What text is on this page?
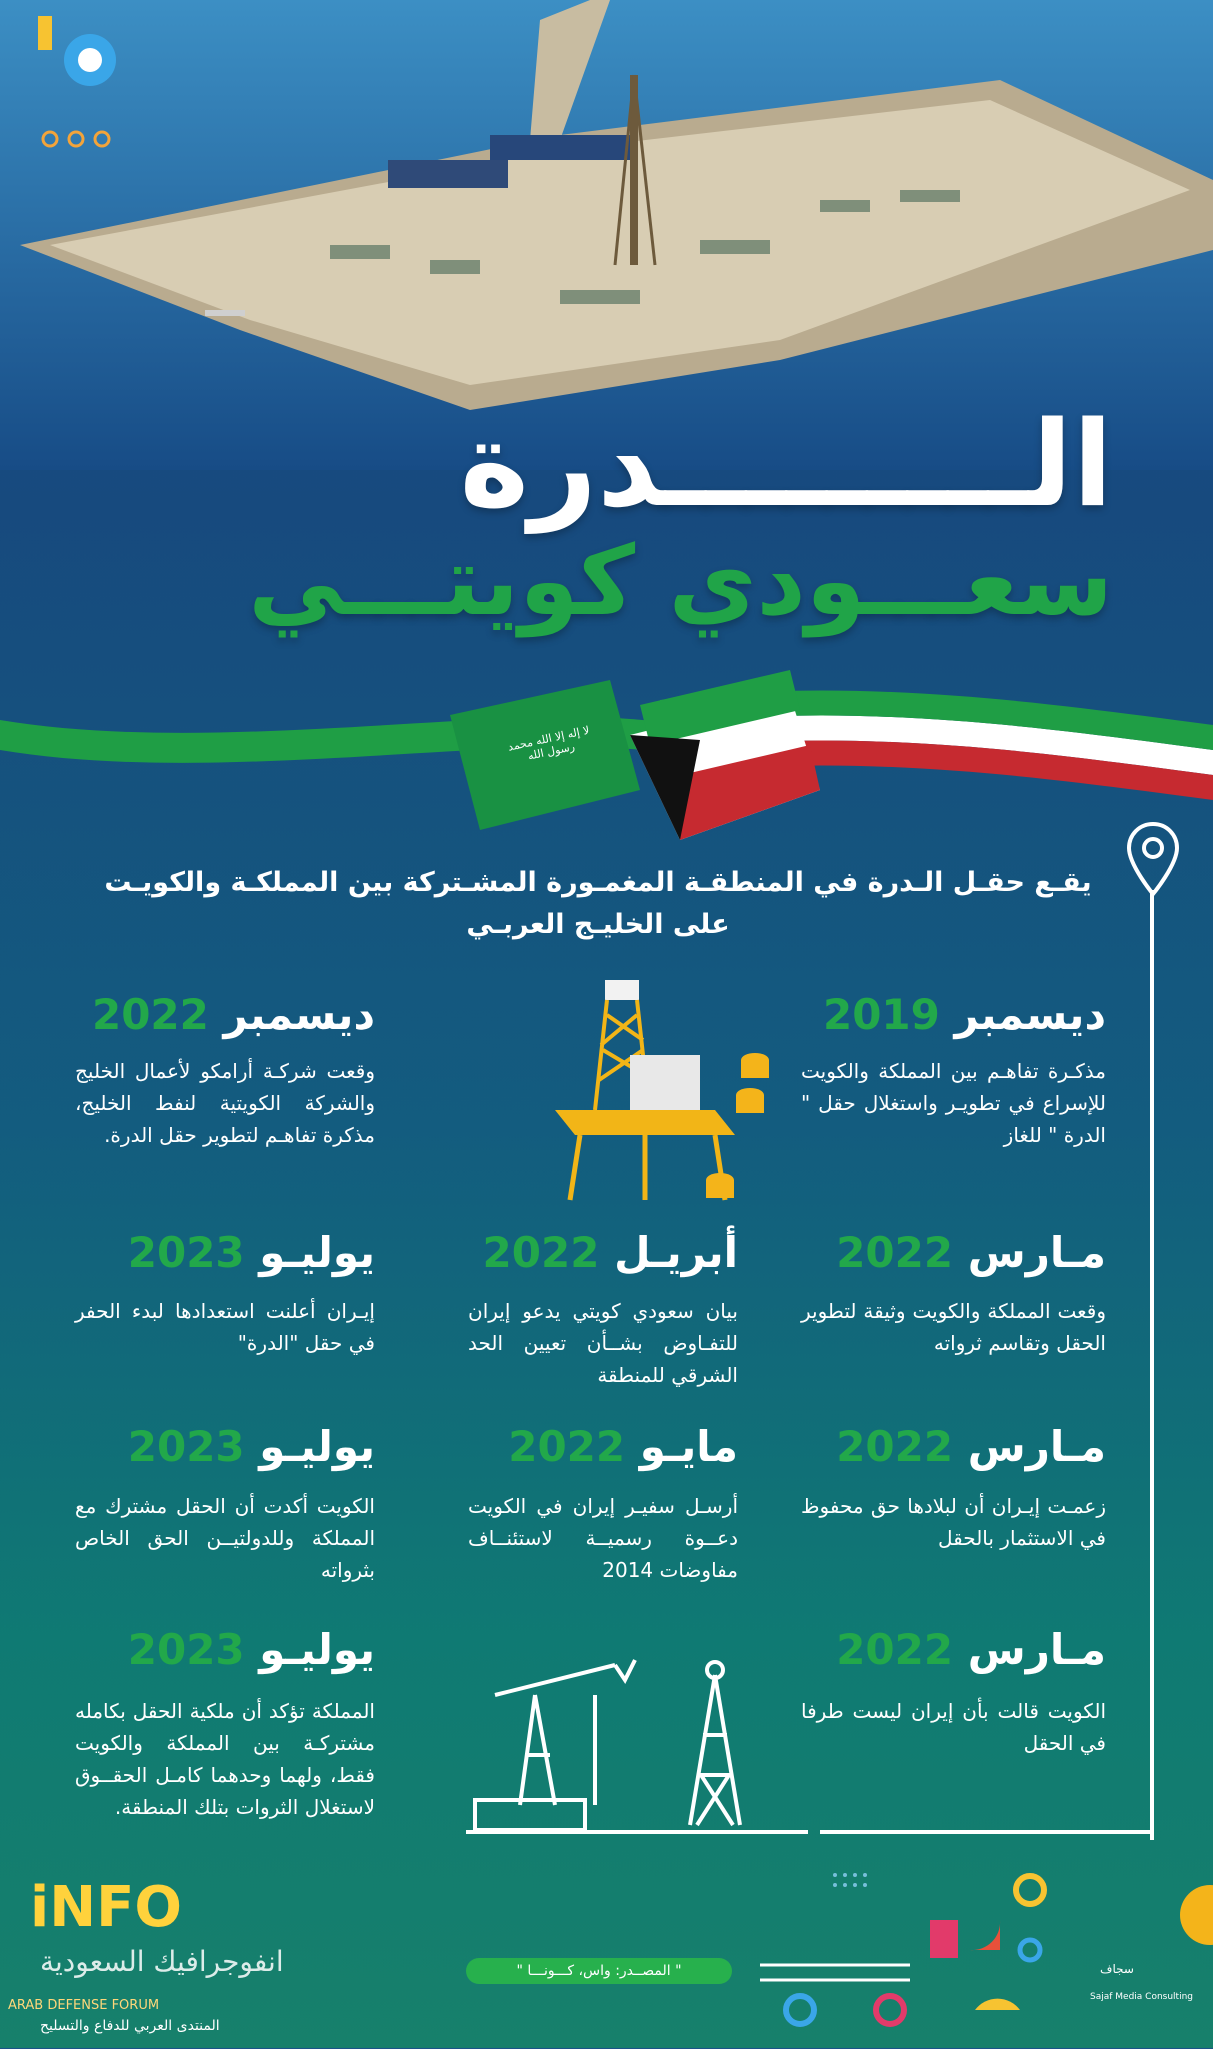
الـــــــــدرة
سعـــودي كويتـــي
لا إله إلا الله محمد رسول الله
يقـع حقـل الـدرة في المنطقـة المغمـورة المشـتركة بين المملكـة والكويـت على الخليـج العربـي
ديسمبر 2019
مذكـرة تفاهـم بين المملكة والكويت للإسراع في تطويـر واستغلال حقل " الدرة " للغاز
ديسمبر 2022
وقعت شركـة أرامكو لأعمال الخليج والشركة الكويتية لنفط الخليج، مذكرة تفاهـم لتطوير حقل الدرة.
مـارس 2022
وقعت المملكة والكويت وثيقة لتطوير الحقل وتقاسم ثرواته
أبريـل 2022
بيان سعودي كويتي يدعو إيران للتفـاوض بشــأن تعيين الحد الشرقي للمنطقة
يوليـو 2023
إيـران أعلنت استعدادها لبدء الحفر في حقل "الدرة"
مـارس 2022
زعمـت إيـران أن لبلادها حق محفوظ في الاستثمار بالحقل
مايـو 2022
أرسـل سفيـر إيران في الكويت دعــوة رسميــة لاستئنــاف مفاوضات 2014
يوليـو 2023
الكويت أكدت أن الحقل مشترك مع المملكة وللدولتيــن الحق الخاص بثرواته
مـارس 2022
الكويت قالت بأن إيران ليست طرفا في الحقل
يوليـو 2023
المملكة تؤكد أن ملكية الحقل بكامله مشتركـة بين المملكة والكويت فقط، ولهما وحدهما كامـل الحقــوق لاستغلال الثروات بتلك المنطقة.
" المصــدر: واس، كـــونـــا "
iNFO
انفوجرافيك السعودية
ARAB DEFENSE FORUM
المنتدى العربي للدفاع والتسليح
سجاف
Sajaf Media Consulting
